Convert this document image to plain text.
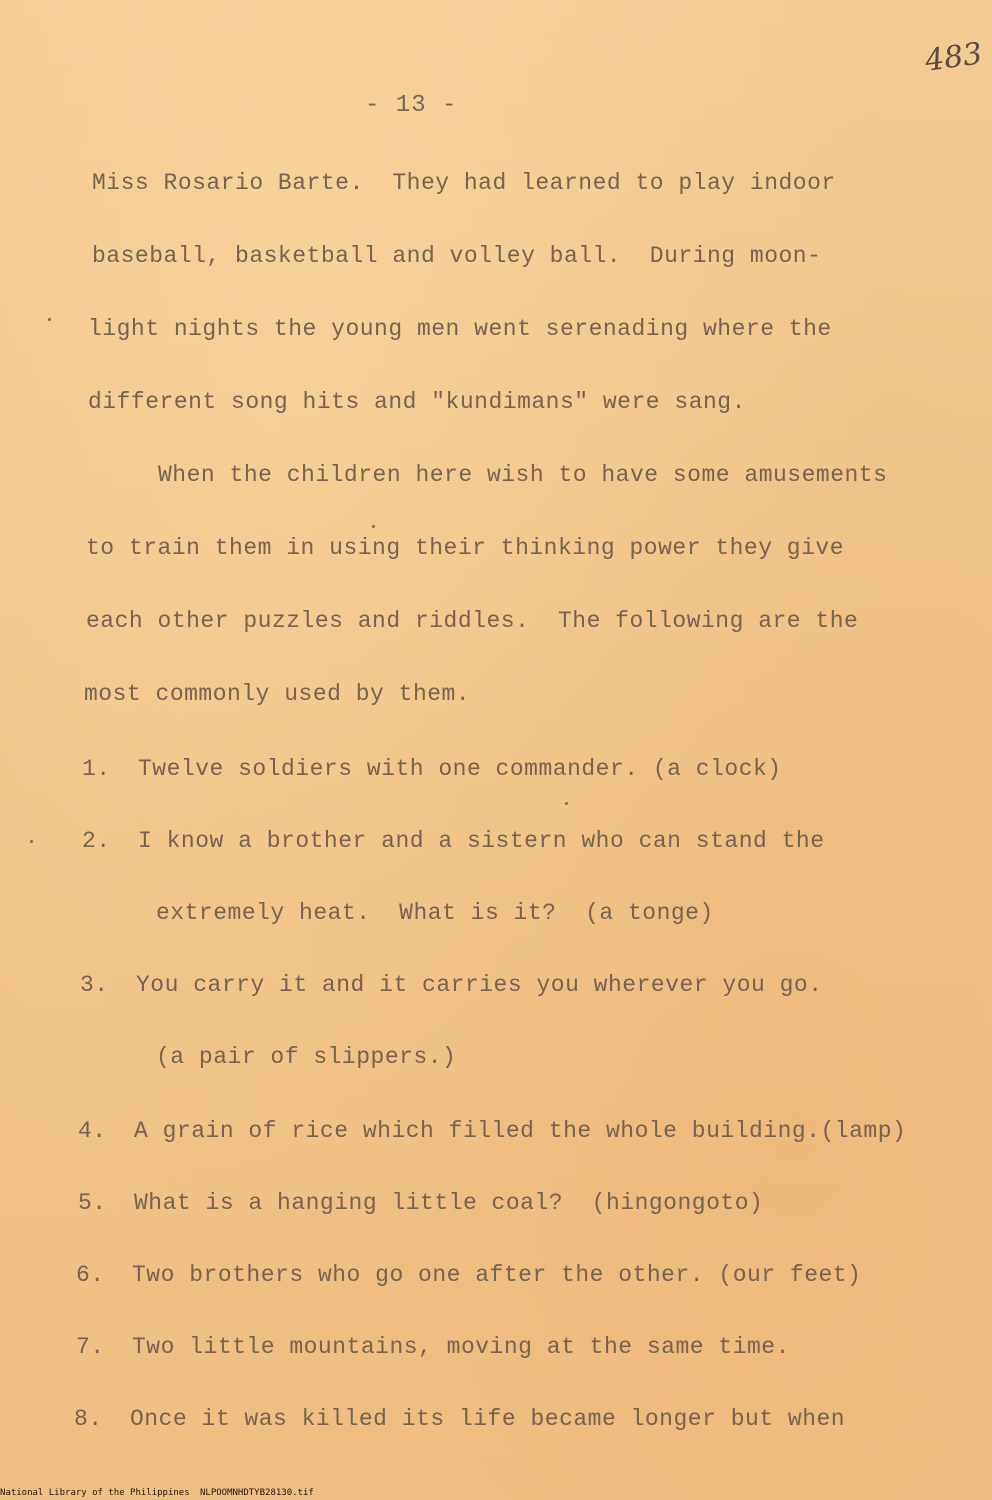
483
- 13 -
Miss Rosario Barte.  They had learned to play indoor
baseball, basketball and volley ball.  During moon-
light nights the young men went serenading where the
different song hits and "kundimans" were sang.
When the children here wish to have some amusements
to train them in using their thinking power they give
each other puzzles and riddles.  The following are the
most commonly used by them.
1. Twelve soldiers with one commander. (a clock)
2. I know a brother and a sistern who can stand the
extremely heat.  What is it?  (a tonge)
3. You carry it and it carries you wherever you go.
(a pair of slippers.)
4. A grain of rice which filled the whole building.(lamp)
5. What is a hanging little coal?  (hingongoto)
6. Two brothers who go one after the other. (our feet)
7. Two little mountains, moving at the same time.
8. Once it was killed its life became longer but when
National Library of the Philippines NLPOOMNHDTYB28130.tif
